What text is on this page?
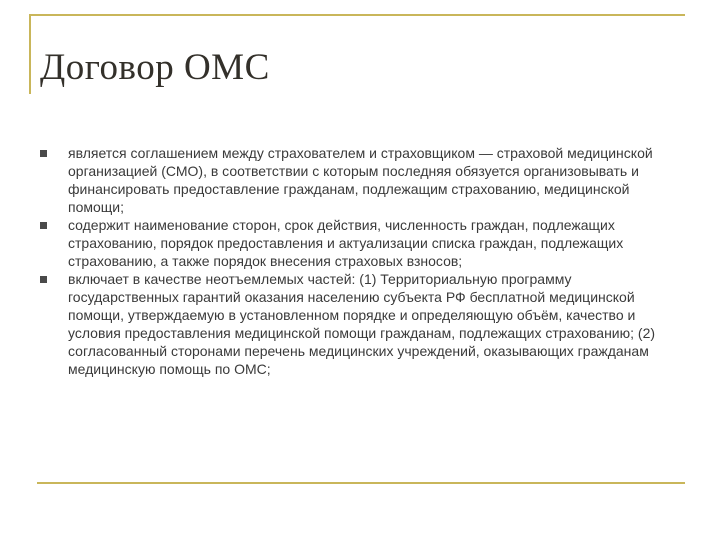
Договор ОМС
является соглашением между страхователем и страховщиком — страховой медицинской организацией (СМО), в соответствии с которым последняя обязуется организовывать и финансировать предоставление гражданам, подлежащим страхованию, медицинской помощи;
содержит наименование сторон, срок действия, численность граждан, подлежащих страхованию, порядок предоставления и актуализации списка граждан, подлежащих страхованию, а также порядок внесения страховых взносов;
включает в качестве неотъемлемых частей: (1) Территориальную программу государственных гарантий оказания населению субъекта РФ бесплатной медицинской помощи, утверждаемую в установленном порядке и определяющую объём, качество и условия предоставления медицинской помощи гражданам, подлежащих страхованию; (2) согласованный сторонами перечень медицинских учреждений, оказывающих гражданам медицинскую помощь по ОМС;
